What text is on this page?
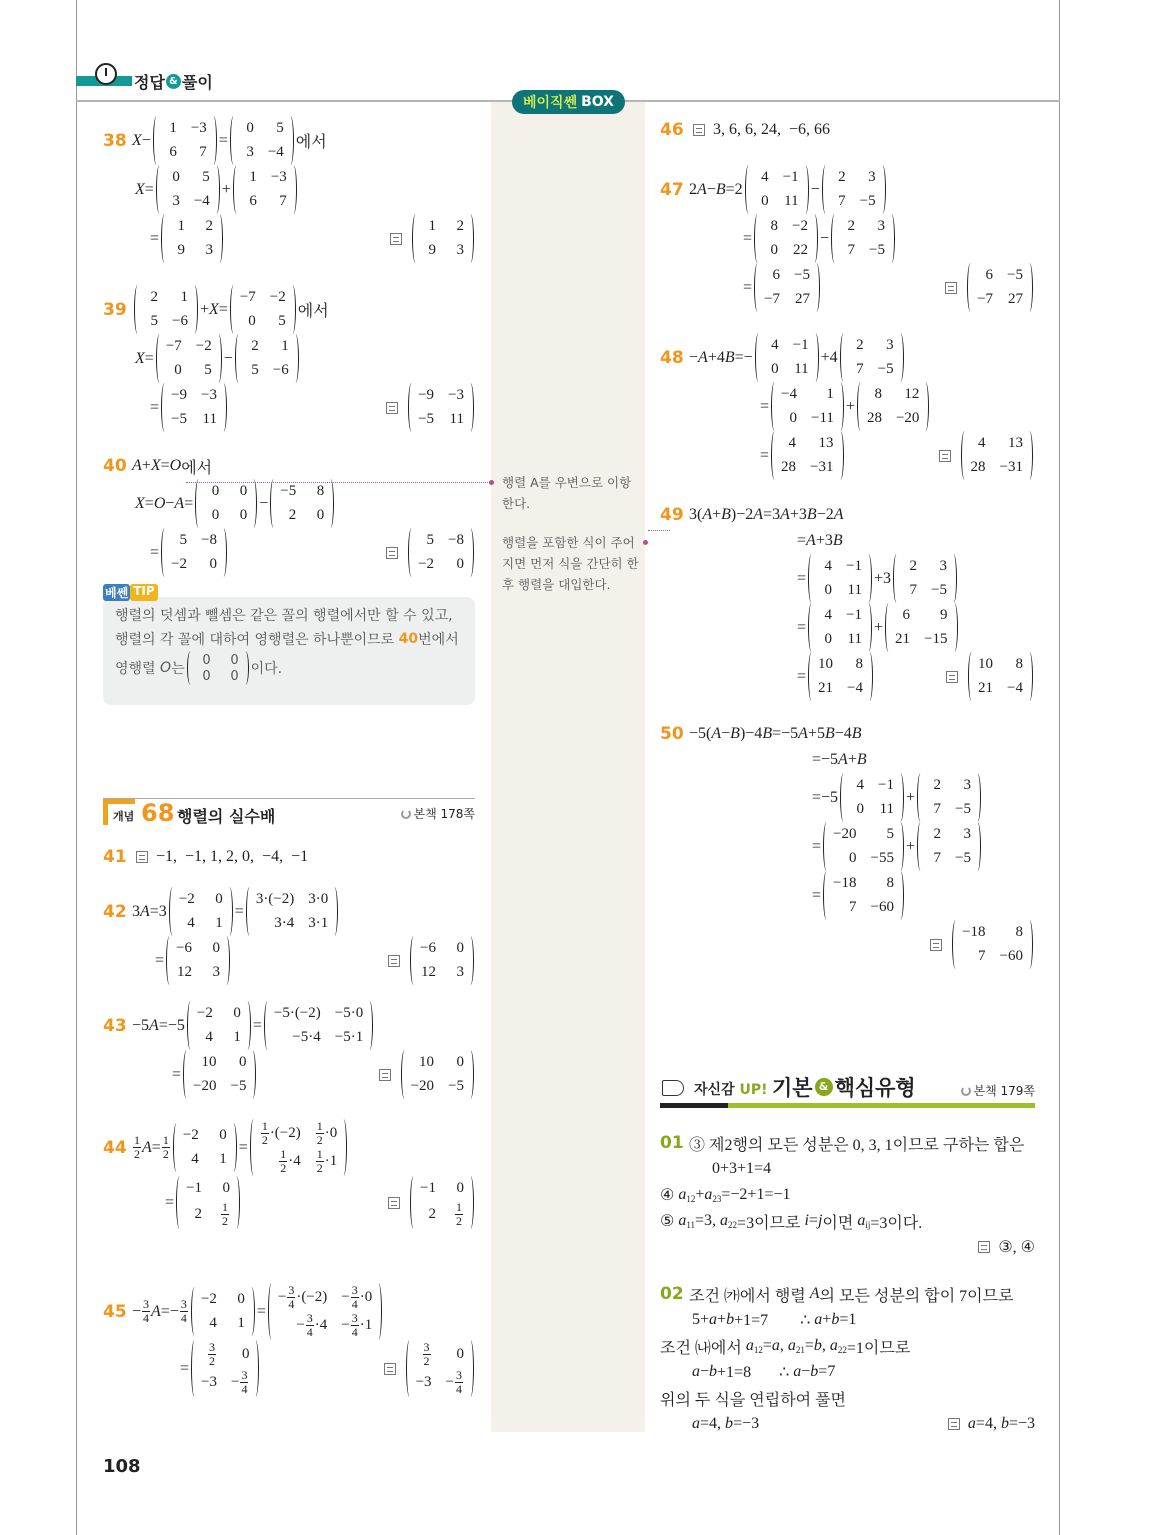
정답 & 풀이
베이직쎈 BOX
38 X −
1 −3
6 7
=
0 5
3 −4
에서
X =
0 5
3 −4
+
1 −3
6 7
=
1 2
9 3
1 2
9 3
39
2 1
5 −6
+ X =
−7 −2
0 5
에서
X =
−7 −2
0 5
−
2 1
5 −6
=
−9 −3
−5 11
−9 −3
−5 11
40 A + X = O 에서
X = O − A =
0 0
0 0
−
−5 8
2 0
=
5 −8
−2 0
5 −8
−2 0
행렬의 덧셈과 뺄셈은 같은 꼴의 행렬에서만 할 수 있고,
행렬의 각 꼴에 대하여 영행렬은 하나뿐이므로 40 번에서
영행렬 O 는
0 0
0 0 이다.
베쎈 TIP
개념 68 행렬의 실수배	본책 178쪽
41 −1,  −1, 1, 2, 0,  −4,  −1
42 3 A =3
−2 0
4 1
=
3·(−2) 3·0
3·4 3·1
=
−6 0
12 3
−6 0
12 3
43 −5 A =−5
−2 0
4 1
=
−5·(−2) −5·0
−5·4 −5·1
=
10 0
−20 −5
10 0
−20 −5
$44 \frac{1}{2}$ $A = \frac{1}{2} -2$ 0
4 1
= $\frac{1}{2} \cdot(-2) \frac{1}{2} \cdot 0$
$\frac{1}{2} \cdot 4 \frac{1}{2} \cdot 1$
=
−1 0
$2 \frac{1}{2}$
−1 0
$2 \frac{1}{2}$
$45 - \frac{3}{4}$ $A =- \frac{3}{4} -2$ 0
4 1
=
− $\frac{3}{4} \cdot(-2) - \frac{3}{4} \cdot 0$
− $\frac{3}{4} \cdot 4 - \frac{3}{4} \cdot 1$
= $\frac{3}{2} 0$
$-3 - \frac{3}{4}$
$\frac{3}{2} 0$
$-3 - \frac{3}{4}$
행렬 A를 우변으로 이항한다.
행렬을 포함한 식이 주어지면 먼저 식을 간단히 한 후 행렬을 대입한다.
46 3, 6, 6, 24,  −6, 66
47 2 A − B =2
4 −1
0 11
−
2 3
7 −5
=
8 −2
0 22
−
2 3
7 −5
=
6 −5
−7 27
6 −5
−7 27
48 − A +4 B =−
4 −1
0 11
+4
2 3
7 −5
=
−4 1
0 −11
+
8 12
28 −20
=
4 13
28 −31
4 13
28 −31
49 3( A + B )−2 A =3 A +3 B −2 A
= A +3 B
=
4 −1
0 11
+3
2 3
7 −5
=
4 −1
0 11
+
6 9
21 −15
=
10 8
21 −4
10 8
21 −4
50 −5( A − B )−4 B =−5 A +5 B −4 B
=−5 A + B
=−5
4 −1
0 11
+
2 3
7 −5
=
−20 5
0 −55
+
2 3
7 −5
=
−18 8
7 −60
−18 8
7 −60
자신감 UP! 기본 & 핵심유형	본책 179쪽
01 ③ 제2행의 모든 성분은 0, 3, 1이므로 구하는 합은
0+3+1=4
④ $a_{12} + a_{23} =-2+1=-1$
⑤ $a_{11} =3$, $a_{22} =3$이므로 i = j 이면 $a_{ij} =3$이다.
③, ④
02 조건 ㈎에서 행렬 A 의 모든 성분의 합이 7이므로
5+ a + b +1=7        ∴ a + b =1
조건 ㈏에서 $a_{12} = a$ , $a_{21} = b$ , $a_{22} =1$이므로
a − b +1=8       ∴ a − b =7
위의 두 식을 연립하여 풀면
a =4, b =−3	a =4, b =−3
108
